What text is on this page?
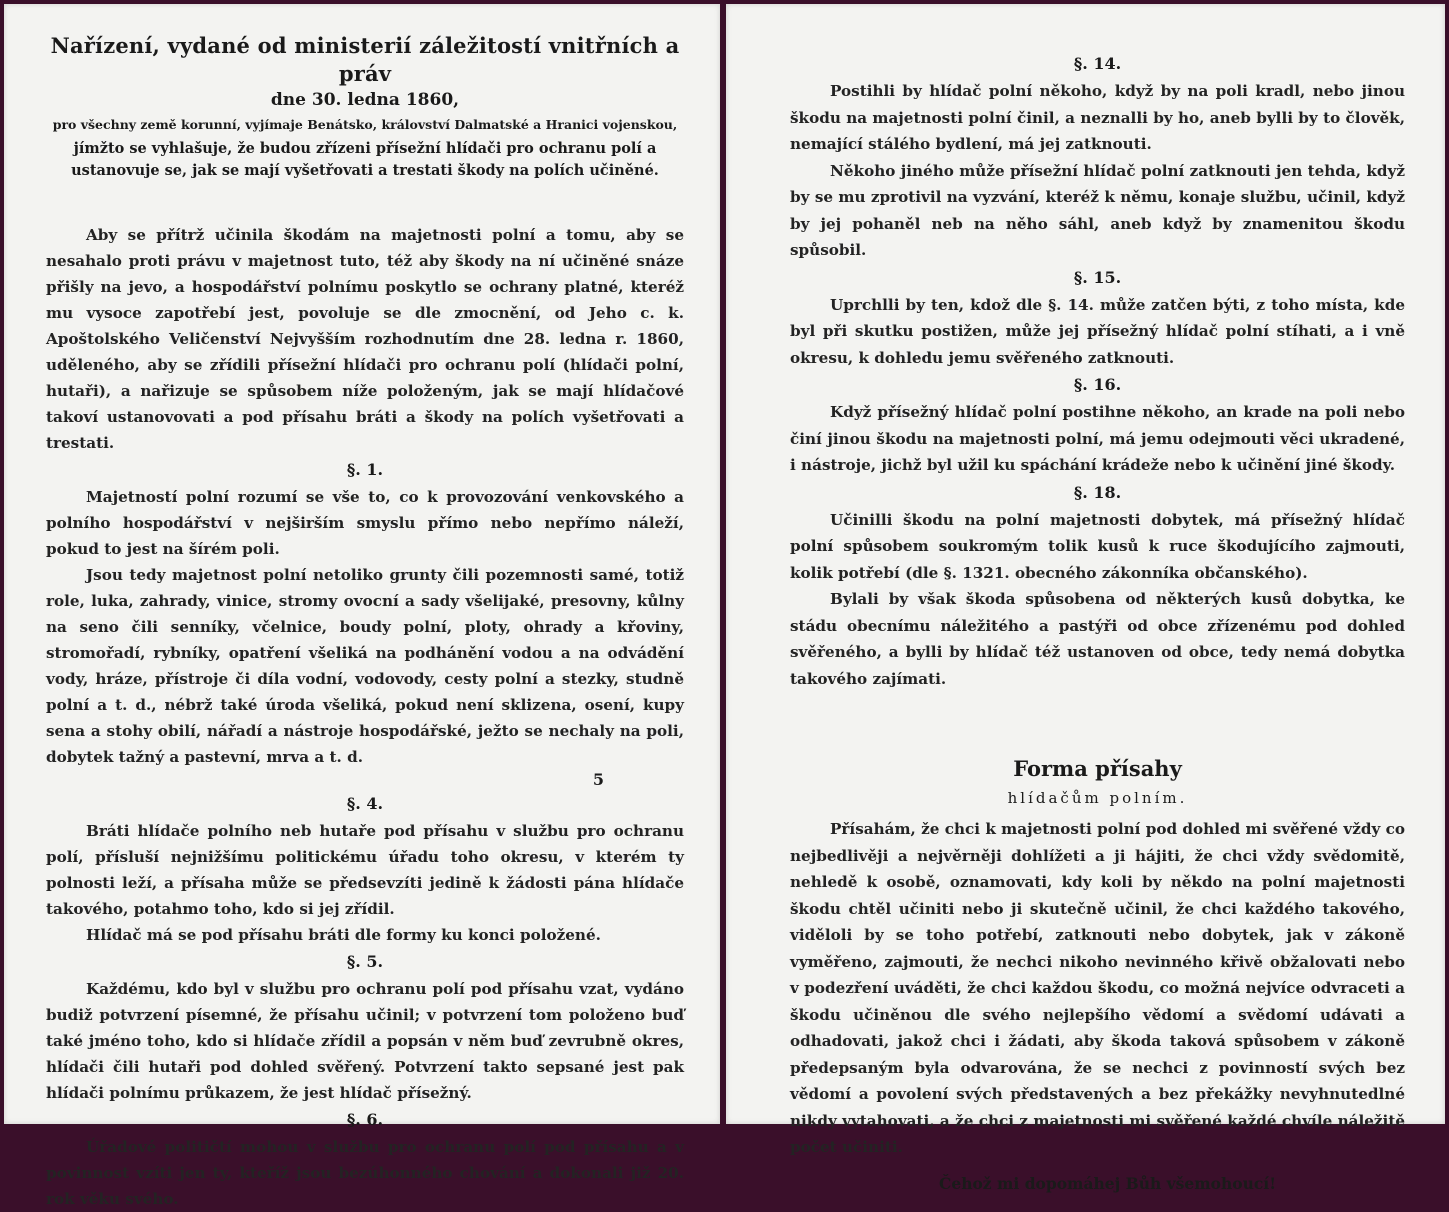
Nařízení, vydané od ministerií záležitostí vnitřních a práv

dne 30. ledna 1860,

pro všechny země korunní, vyjímaje Benátsko, království Dalmatské a Hranici vojenskou,

jímžto se vyhlašuje, že budou zřízeni přísežní hlídači pro ochranu polí a ustanovuje se, jak se mají vyšetřovati a trestati škody na polích učiněné.

Aby se přítrž učinila škodám na majetnosti polní a tomu, aby se nesahalo proti právu v majetnost tuto, též aby škody na ní učiněné snáze přišly na jevo, a hospodářství polnímu poskytlo se ochrany platné, kteréž mu vysoce zapotřebí jest, povoluje se dle zmocnění, od Jeho c. k. Apoštolského Veličenství Nejvyšším rozhodnutím dne 28. ledna r. 1860, uděleného, aby se zřídili přísežní hlídači pro ochranu polí (hlídači polní, hutaři), a nařizuje se spůsobem níže položeným, jak se mají hlídačové takoví ustanovovati a pod přísahu bráti a škody na polích vyšetřovati a trestati.

§. 1.

Majetností polní rozumí se vše to, co k provozování venkovského a polního hospodářství v nejširším smyslu přímo nebo nepřímo náleží, pokud to jest na šírém poli.

Jsou tedy majetnost polní netoliko grunty čili pozemnosti samé, totiž role, luka, zahrady, vinice, stromy ovocní a sady všelijaké, presovny, kůlny na seno čili senníky, včelnice, boudy polní, ploty, ohrady a křoviny, stromořadí, rybníky, opatření všeliká na podhánění vodou a na odvádění vody, hráze, přístroje či díla vodní, vodovody, cesty polní a stezky, studně polní a t. d., nébrž také úroda všeliká, pokud není sklizena, osení, kupy sena a stohy obilí, nářadí a nástroje hospodářské, ježto se nechaly na poli, dobytek tažný a pastevní, mrva a t. d.

5

§. 4.

Bráti hlídače polního neb hutaře pod přísahu v službu pro ochranu polí, přísluší nejnižšímu politickému úřadu toho okresu, v kterém ty polnosti leží, a přísaha může se předsevzíti jedině k žádosti pána hlídače takového, potahmo toho, kdo si jej zřídil.

Hlídač má se pod přísahu bráti dle formy ku konci položené.

§. 5.

Každému, kdo byl v službu pro ochranu polí pod přísahu vzat, vydáno budiž potvrzení písemné, že přísahu učinil; v potvrzení tom položeno buď také jméno toho, kdo si hlídače zřídil a popsán v něm buď zevrubně okres, hlídači čili hutaři pod dohled svěřený. Potvrzení takto sepsané jest pak hlídači polnímu průkazem, že jest hlídač přísežný.

§. 6.

Úřadové političtí mohou v službu pro ochranu polí pod přísahu a v povinnost vzíti jen ty, kteříž jsou bezúhonného chování a dokonali již 20. rok věku svého.

§. 14.

Postihli by hlídač polní někoho, když by na poli kradl, nebo jinou škodu na majetnosti polní činil, a neznalli by ho, aneb bylli by to člověk, nemající stálého bydlení, má jej zatknouti.

Někoho jiného může přísežní hlídač polní zatknouti jen tehda, když by se mu zprotivil na vyzvání, kteréž k němu, konaje službu, učinil, když by jej pohaněl neb na něho sáhl, aneb když by znamenitou škodu spůsobil.

§. 15.

Uprchlli by ten, kdož dle §. 14. může zatčen býti, z toho místa, kde byl při skutku postižen, může jej přísežný hlídač polní stíhati, a i vně okresu, k dohledu jemu svěřeného zatknouti.

§. 16.

Když přísežný hlídač polní postihne někoho, an krade na poli nebo činí jinou škodu na majetnosti polní, má jemu odejmouti věci ukradené, i nástroje, jichž byl užil ku spáchání krádeže nebo k učinění jiné škody.

§. 18.

Učinilli škodu na polní majetnosti dobytek, má přísežný hlídač polní spůsobem soukromým tolik kusů k ruce škodujícího zajmouti, kolik potřebí (dle §. 1321. obecného zákonníka občanského).

Bylali by však škoda spůsobena od některých kusů dobytka, ke stádu obecnímu náležitého a pastýři od obce zřízenému pod dohled svěřeného, a bylli by hlídač též ustanoven od obce, tedy nemá dobytka takového zajímati.

Forma přísahy

hlídačům polním.

Přísahám, že chci k majetnosti polní pod dohled mi svěřené vždy co nejbedlivěji a nejvěrněji dohlížeti a ji hájiti, že chci vždy svědomitě, nehledě k osobě, oznamovati, kdy koli by někdo na polní majetnosti škodu chtěl učiniti nebo ji skutečně učinil, že chci každého takového, viděloli by se toho potřebí, zatknouti nebo dobytek, jak v zákoně vyměřeno, zajmouti, že nechci nikoho nevinného křivě obžalovati nebo v podezření uváděti, že chci každou škodu, co možná nejvíce odvraceti a škodu učiněnou dle svého nejlepšího vědomí a svědomí udávati a odhadovati, jakož chci i žádati, aby škoda taková spůsobem v zákoně předepsaným byla odvarována, že se nechci z povinností svých bez vědomí a povolení svých představených a bez překážky nevyhnutedlné nikdy vytahovati, a že chci z majetnosti mi svěřené každé chvíle náležitě počet učiniti.

Čehož mi dopomáhej Bůh všemohoucí!
